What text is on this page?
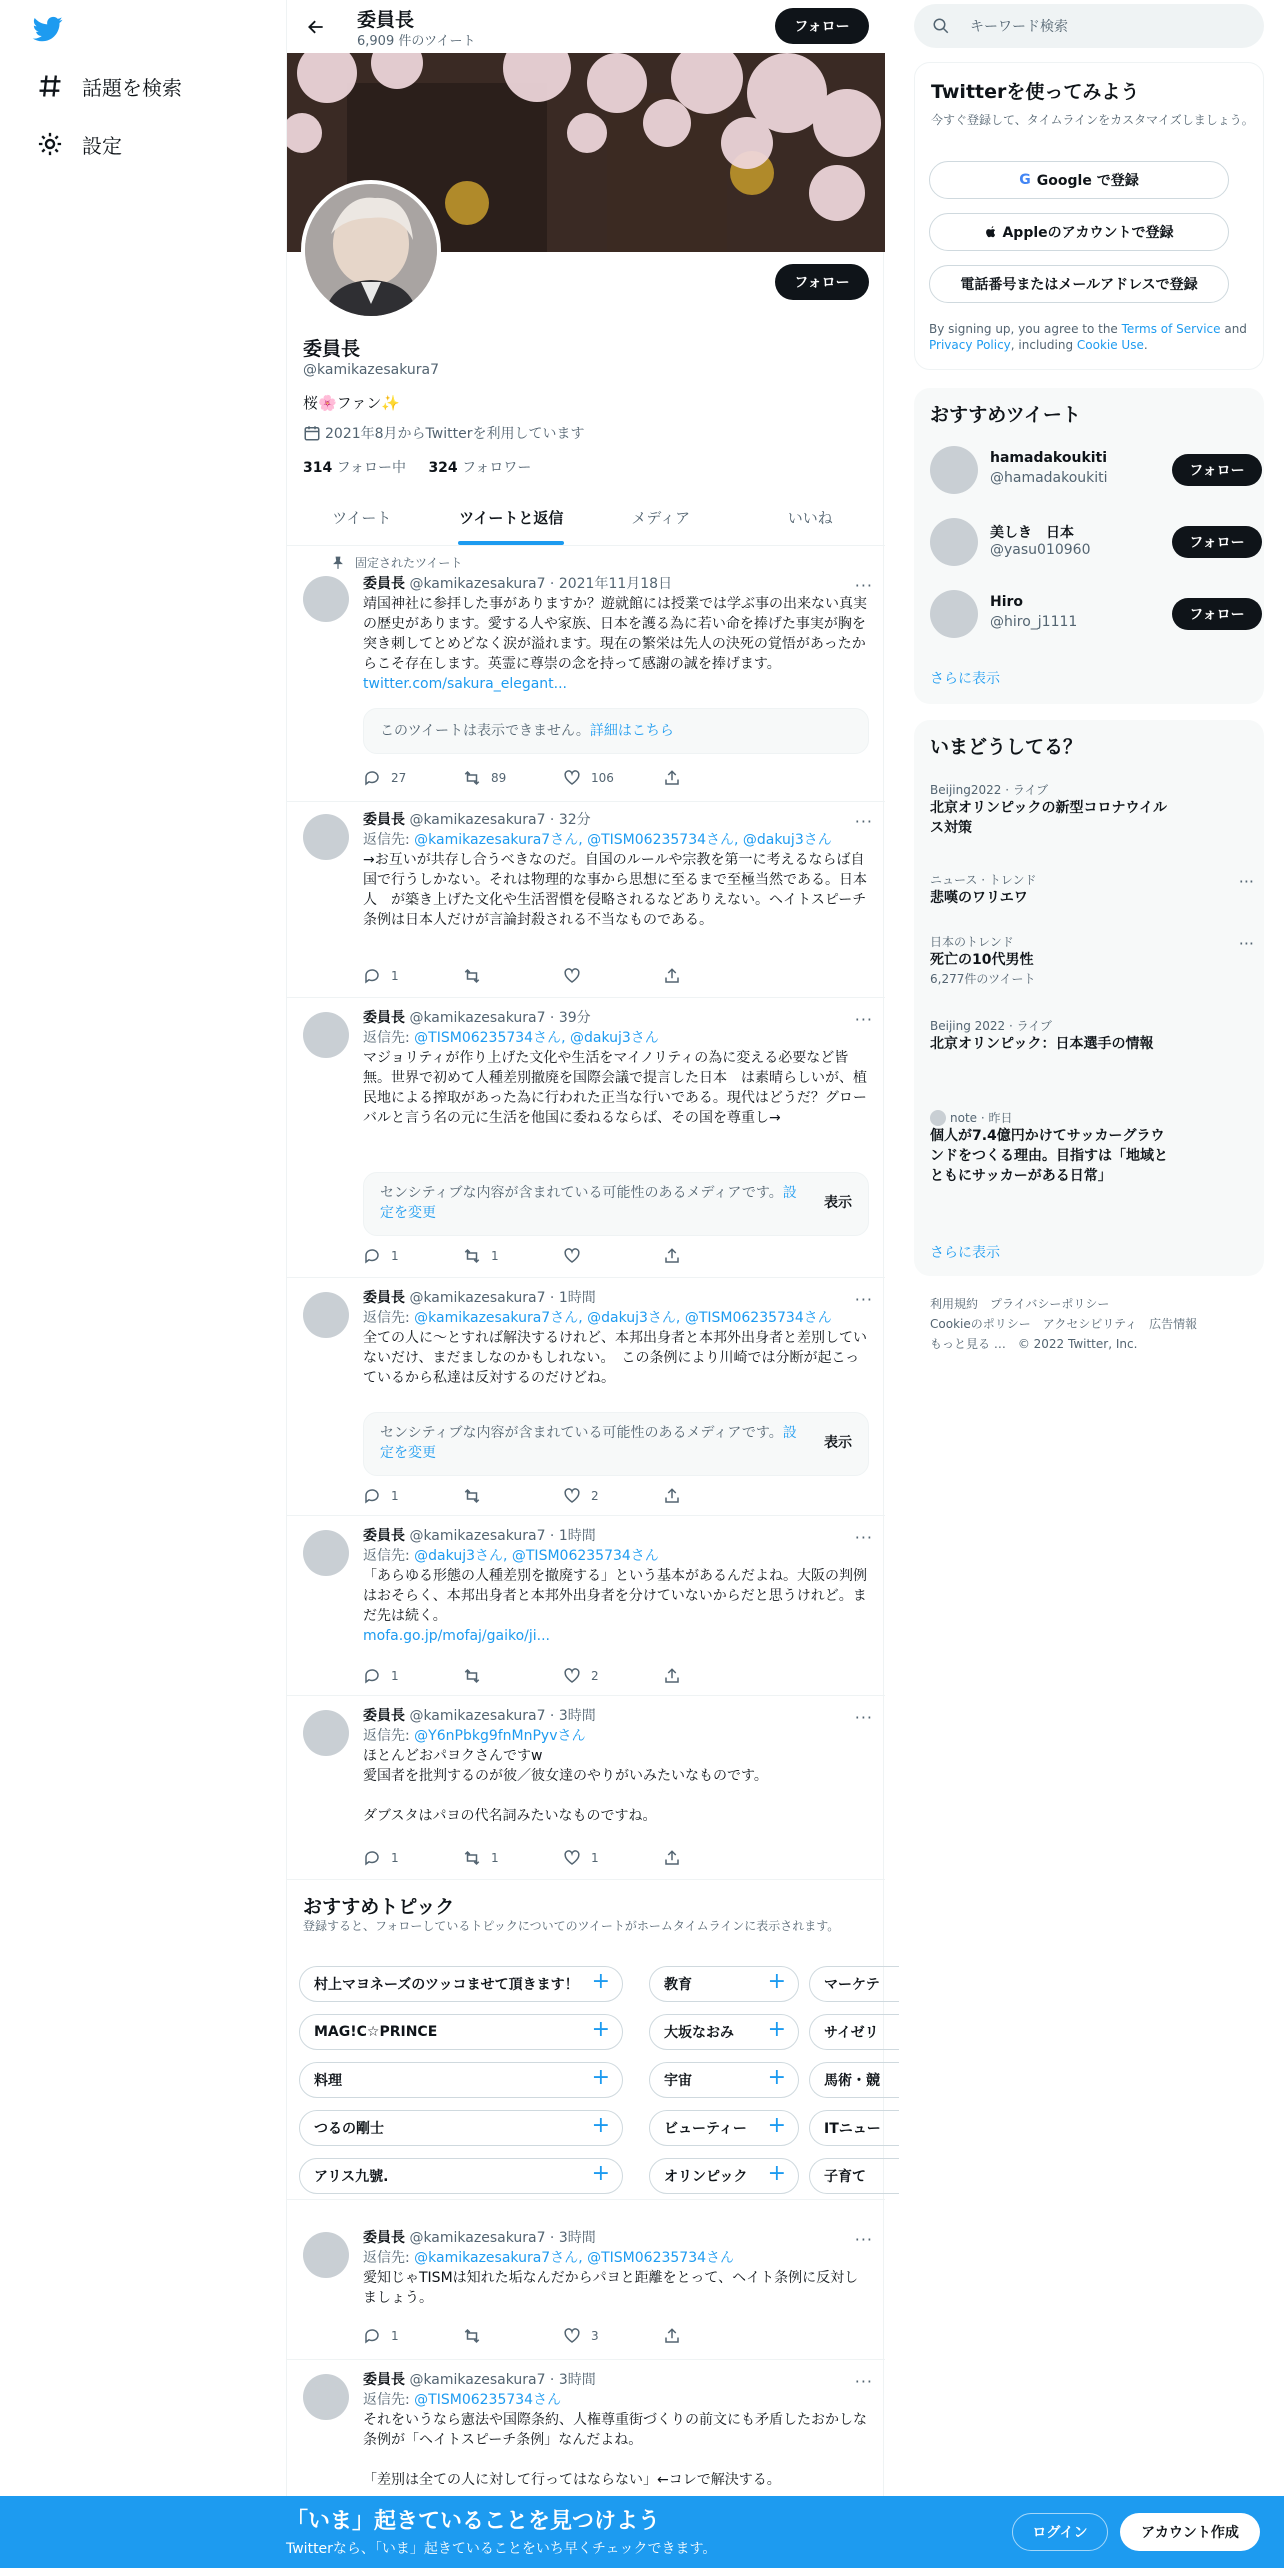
話題を検索
設定
委員長
6,909 件のツイート
フォロー
フォロー
委員長
@kamikazesakura7
桜🌸ファン✨
2021年8月からTwitterを利用しています
314 フォロー中 324 フォロワー
ツイート	ツイートと返信	メディア	いいね
固定されたツイート
委員長 @kamikazesakura7 · 2021年11月18日
靖国神社に参拝した事がありますか？遊就館には授業では学ぶ事の出来ない真実の歴史があります。愛する人や家族、日本を護る為に若い命を捧げた事実が胸を突き刺してとめどなく涙が溢れます。現在の繁栄は先人の決死の覚悟があったからこそ存在します。英霊に尊崇の念を持って感謝の誠を捧げます。　twitter.com/sakura_elegant...
···
このツイートは表示できません。詳細はこちら
27	89	106
委員長 @kamikazesakura7 · 32分
返信先: @kamikazesakura7さん, @TISM06235734さん, @dakuj3さん
→お互いが共存し合うべきなのだ。自国のルールや宗教を第一に考えるならば自国で行うしかない。それは物理的な事から思想に至るまで至極当然である。日本人　が築き上げた文化や生活習慣を侵略されるなどありえない。ヘイトスピーチ条例は日本人だけが言論封殺される不当なものである。
···
1
委員長 @kamikazesakura7 · 39分
返信先: @TISM06235734さん, @dakuj3さん
マジョリティが作り上げた文化や生活をマイノリティの為に変える必要など皆無。世界で初めて人種差別撤廃を国際会議で提言した日本　は素晴らしいが、植民地による搾取があった為に行われた正当な行いである。現代はどうだ？グローバルと言う名の元に生活を他国に委ねるならば、その国を尊重し→
···
センシティブな内容が含まれている可能性のあるメディアです。設定を変更
表示
1	1
委員長 @kamikazesakura7 · 1時間
返信先: @kamikazesakura7さん, @dakuj3さん, @TISM06235734さん
全ての人に〜とすれば解決するけれど、本邦出身者と本邦外出身者と差別していないだけ、まだましなのかもしれない。　この条例により川崎では分断が起こっているから私達は反対するのだけどね。
···
センシティブな内容が含まれている可能性のあるメディアです。設定を変更
表示
1	2
委員長 @kamikazesakura7 · 1時間
返信先: @dakuj3さん, @TISM06235734さん
「あらゆる形態の人種差別を撤廃する」という基本があるんだよね。大阪の判例はおそらく、本邦出身者と本邦外出身者を分けていないからだと思うけれど。まだ先は続く。
mofa.go.jp/mofaj/gaiko/ji...
···
1	2
委員長 @kamikazesakura7 · 3時間
返信先: @Y6nPbkg9fnMnPyvさん
ほとんどおパヨクさんですw
愛国者を批判するのが彼／彼女達のやりがいみたいなものです。

ダブスタはパヨの代名詞みたいなものですね。
···
1	1	1
おすすめトピック
登録すると、フォローしているトピックについてのツイートがホームタイムラインに表示されます。
村上マヨネーズのツッコませて頂きます！ +	教育	+	マーケテ
MAG!C☆PRINCE	+	大坂なおみ +	サイゼリ
料理	+	宇宙	+	馬術・競
つるの剛士	+	ビューティー +	ITニュー
アリス九號.	+	オリンピック +	子育て
委員長 @kamikazesakura7 · 3時間
返信先: @kamikazesakura7さん, @TISM06235734さん
愛知じゃTISMは知れた垢なんだからパヨと距離をとって、ヘイト条例に反対しましょう。
···
1	3
委員長 @kamikazesakura7 · 3時間
返信先: @TISM06235734さん
それをいうなら憲法や国際条約、人権尊重街づくりの前文にも矛盾したおかしな条例が「ヘイトスピーチ条例」なんだよね。

「差別は全ての人に対して行ってはならない」←コレで解決する。
···
キーワード検索
Twitterを使ってみよう
今すぐ登録して、タイムラインをカスタマイズしましょう。
G Google で登録
Appleのアカウントで登録
電話番号またはメールアドレスで登録
By signing up, you agree to the Terms of Service and Privacy Policy, including Cookie Use.
おすすめツイート
hamadakoukiti
@hamadakoukiti	フォロー
美しき　日本
@yasu010960	フォロー
Hiro
@hiro_j1111	フォロー
さらに表示
いまどうしてる？
Beijing2022 · ライブ
北京オリンピックの新型コロナウイルス対策
ニュース · トレンド
悲嘆のワリエワ
···
日本のトレンド
死亡の10代男性
6,277件のツイート
···
Beijing 2022 · ライブ
北京オリンピック：日本選手の情報
note · 昨日
個人が7.4億円かけてサッカーグラウンドをつくる理由。目指すは「地域とともにサッカーがある日常」
さらに表示
利用規約　プライバシーポリシー
Cookieのポリシー　アクセシビリティ　広告情報
もっと見る …　© 2022 Twitter, Inc.
「いま」起きていることを見つけよう
Twitterなら、「いま」起きていることをいち早くチェックできます。
ログイン	アカウント作成
